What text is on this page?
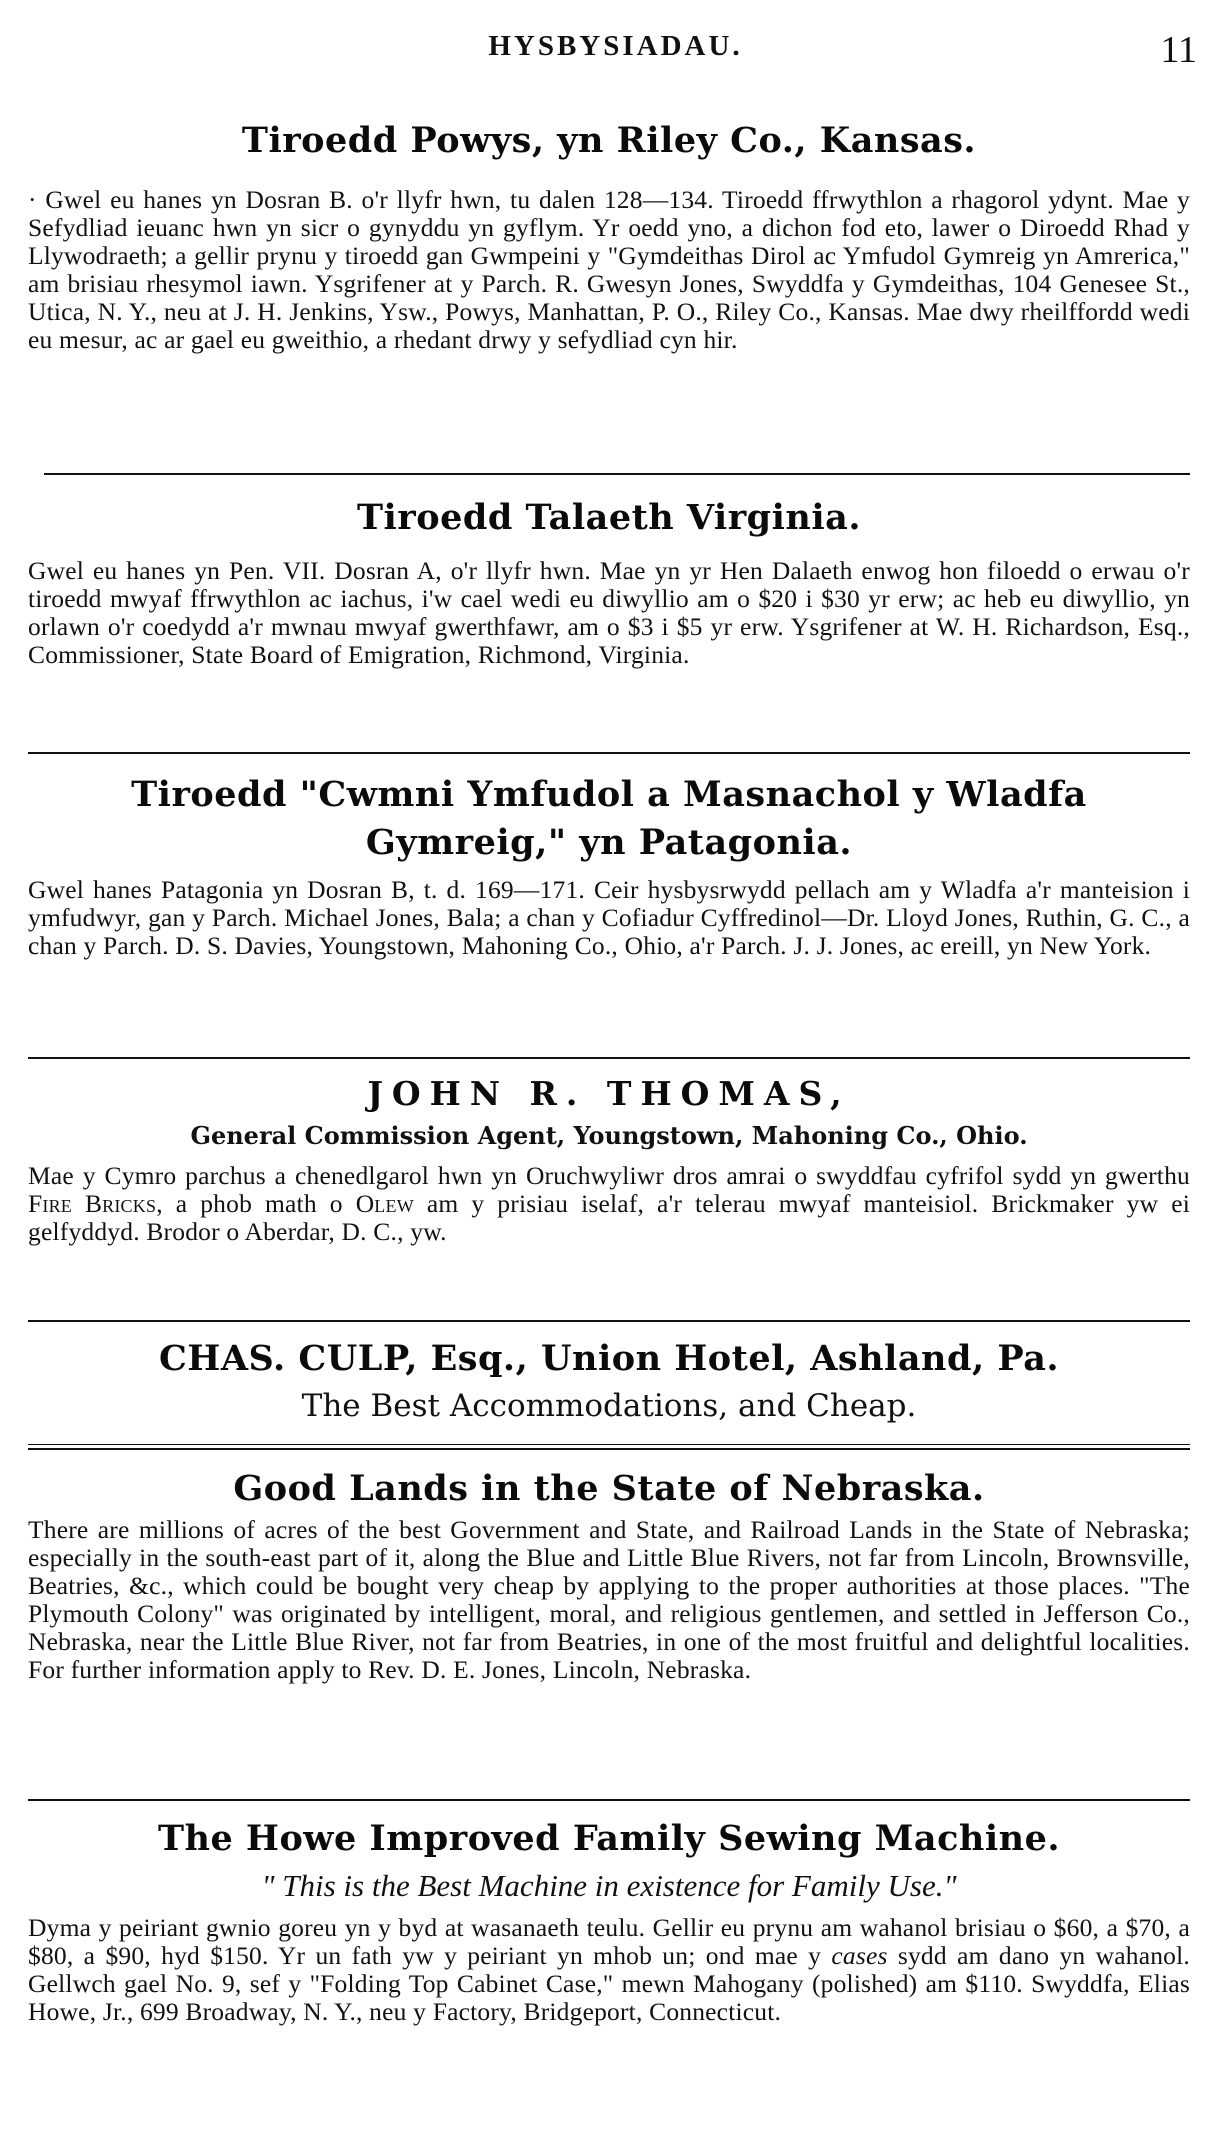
HYSBYSIADAU.	11
Tiroedd Powys, yn Riley Co., Kansas.
· Gwel eu hanes yn Dosran B. o'r llyfr hwn, tu dalen 128—134. Tiroedd ffrwythlon a rhagorol ydynt. Mae y Sefydliad ieuanc hwn yn sicr o gynyddu yn gyflym. Yr oedd yno, a dichon fod eto, lawer o Diroedd Rhad y Llywodraeth; a gellir prynu y tiroedd gan Gwmpeini y "Gymdeithas Dirol ac Ymfudol Gymreig yn Amrerica," am brisiau rhesymol iawn. Ysgrifener at y Parch. R. Gwesyn Jones, Swyddfa y Gymdeithas, 104 Genesee St., Utica, N. Y., neu at J. H. Jenkins, Ysw., Powys, Manhattan, P. O., Riley Co., Kansas. Mae dwy rheilffordd wedi eu mesur, ac ar gael eu gweithio, a rhedant drwy y sefydliad cyn hir.
Tiroedd Talaeth Virginia.
Gwel eu hanes yn Pen. VII. Dosran A, o'r llyfr hwn. Mae yn yr Hen Dalaeth enwog hon filoedd o erwau o'r tiroedd mwyaf ffrwythlon ac iachus, i'w cael wedi eu diwyllio am o $20 i $30 yr erw; ac heb eu diwyllio, yn orlawn o'r coedydd a'r mwnau mwyaf gwerthfawr, am o $3 i $5 yr erw. Ysgrifener at W. H. Richardson, Esq., Commissioner, State Board of Emigration, Richmond, Virginia.
Tiroedd "Cwmni Ymfudol a Masnachol y Wladfa
Gymreig," yn Patagonia.
Gwel hanes Patagonia yn Dosran B, t. d. 169—171. Ceir hysbysrwydd pellach am y Wladfa a'r manteision i ymfudwyr, gan y Parch. Michael Jones, Bala; a chan y Cofiadur Cyffredinol—Dr. Lloyd Jones, Ruthin, G. C., a chan y Parch. D. S. Davies, Youngstown, Mahoning Co., Ohio, a'r Parch. J. J. Jones, ac ereill, yn New York.
JOHN R. THOMAS,
General Commission Agent, Youngstown, Mahoning Co., Ohio.
Mae y Cymro parchus a chenedlgarol hwn yn Oruchwyliwr dros amrai o swyddfau cyfrifol sydd yn gwerthu Fire Bricks, a phob math o Olew am y prisiau iselaf, a'r telerau mwyaf manteisiol. Brickmaker yw ei gelfyddyd. Brodor o Aberdar, D. C., yw.
CHAS. CULP, Esq., Union Hotel, Ashland, Pa.
The Best Accommodations, and Cheap.
Good Lands in the State of Nebraska.
There are millions of acres of the best Government and State, and Railroad Lands in the State of Nebraska; especially in the south-east part of it, along the Blue and Little Blue Rivers, not far from Lincoln, Brownsville, Beatries, &c., which could be bought very cheap by applying to the proper authorities at those places. "The Plymouth Colony" was originated by intelligent, moral, and religious gentlemen, and settled in Jefferson Co., Nebraska, near the Little Blue River, not far from Beatries, in one of the most fruitful and delightful localities. For further information apply to Rev. D. E. Jones, Lincoln, Nebraska.
The Howe Improved Family Sewing Machine.
" This is the Best Machine in existence for Family Use."
Dyma y peiriant gwnio goreu yn y byd at wasanaeth teulu. Gellir eu prynu am wahanol brisiau o $60, a $70, a $80, a $90, hyd $150. Yr un fath yw y peiriant yn mhob un; ond mae y cases sydd am dano yn wahanol. Gellwch gael No. 9, sef y "Folding Top Cabinet Case," mewn Mahogany (polished) am $110. Swyddfa, Elias Howe, Jr., 699 Broadway, N. Y., neu y Factory, Bridgeport, Connecticut.
